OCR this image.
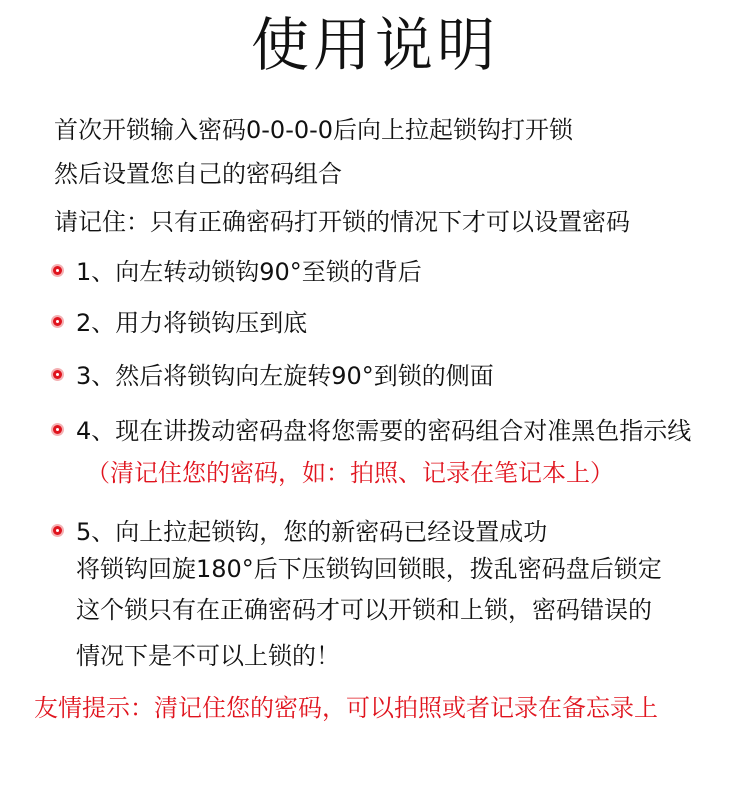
使用说明
首次开锁输入密码0-0-0-0后向上拉起锁钩打开锁
然后设置您自己的密码组合
请记住：只有正确密码打开锁的情况下才可以设置密码
1、向左转动锁钩90°至锁的背后
2、用力将锁钩压到底
3、然后将锁钩向左旋转90°到锁的侧面
4、现在讲拨动密码盘将您需要的密码组合对准黑色指示线
（清记住您的密码，如：拍照、记录在笔记本上）
5、向上拉起锁钩，您的新密码已经设置成功
将锁钩回旋180°后下压锁钩回锁眼，拨乱密码盘后锁定
这个锁只有在正确密码才可以开锁和上锁，密码错误的
情况下是不可以上锁的！
友情提示：清记住您的密码，可以拍照或者记录在备忘录上
